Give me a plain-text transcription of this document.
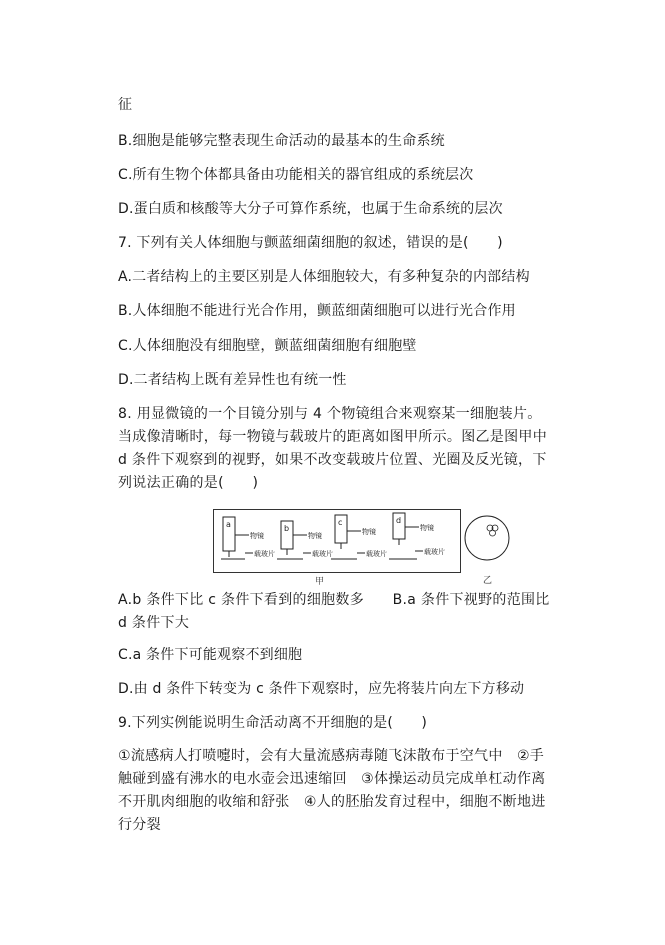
征
B.细胞是能够完整表现生命活动的最基本的生命系统
C.所有生物个体都具备由功能相关的器官组成的系统层次
D.蛋白质和核酸等大分子可算作系统，也属于生命系统的层次
7. 下列有关人体细胞与颤蓝细菌细胞的叙述，错误的是(　　)
A.二者结构上的主要区别是人体细胞较大，有多种复杂的内部结构
B.人体细胞不能进行光合作用，颤蓝细菌细胞可以进行光合作用
C.人体细胞没有细胞壁，颤蓝细菌细胞有细胞壁
D.二者结构上既有差异性也有统一性
8. 用显微镜的一个目镜分别与 4 个物镜组合来观察某一细胞装片。当成像清晰时，每一物镜与载玻片的距离如图甲所示。图乙是图甲中 d 条件下观察到的视野，如果不改变载玻片位置、光圈及反光镜，下列说法正确的是(　　)
a	b
c	d
物镜
载玻片
物镜
载玻片
物镜
载玻片
物镜
载玻片
甲	乙
A.b 条件下比 c 条件下看到的细胞数多　　B.a 条件下视野的范围比 d 条件下大
C.a 条件下可能观察不到细胞
D.由 d 条件下转变为 c 条件下观察时，应先将装片向左下方移动
9.下列实例能说明生命活动离不开细胞的是(　　)
①流感病人打喷嚏时，会有大量流感病毒随飞沫散布于空气中　②手触碰到盛有沸水的电水壶会迅速缩回　③体操运动员完成单杠动作离不开肌肉细胞的收缩和舒张　④人的胚胎发育过程中，细胞不断地进行分裂
